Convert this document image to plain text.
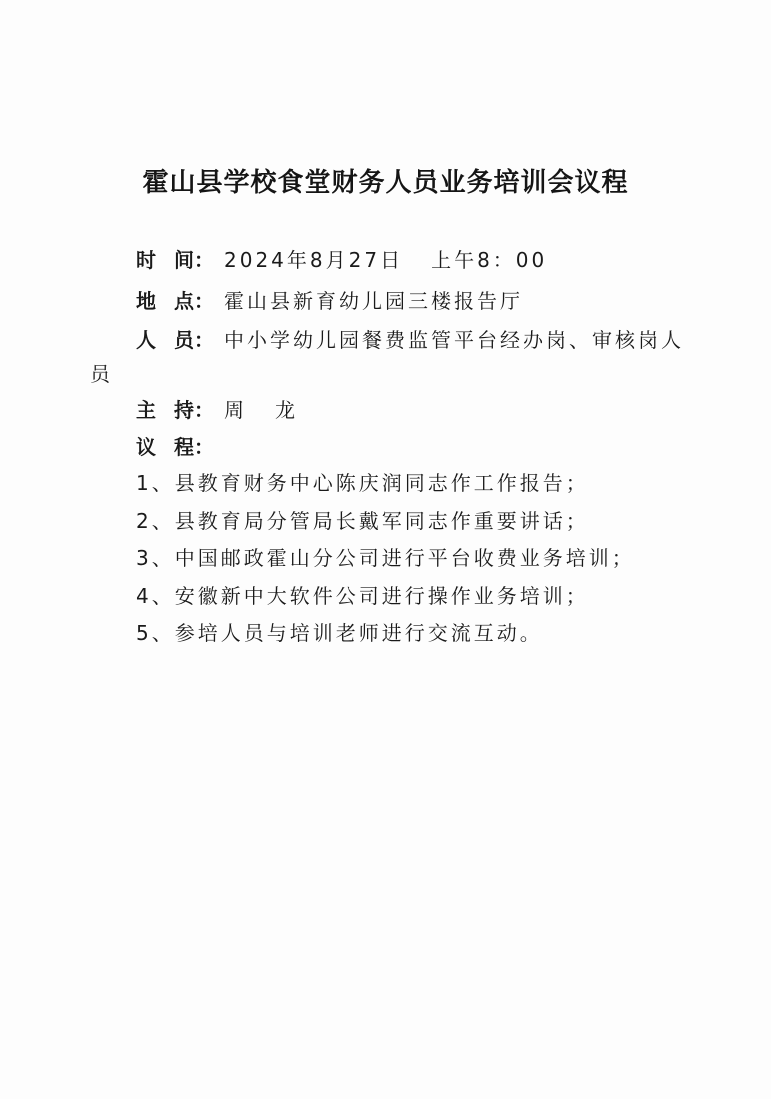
霍山县学校食堂财务人员业务培训会议程
时 间： 2024年8月27日 上午8：00
地 点： 霍山县新育幼儿园三楼报告厅
人 员： 中小学幼儿园餐费监管平台经办岗、审核岗人
员
主 持： 周 龙
议 程：
1、县教育财务中心陈庆润同志作工作报告；
2、县教育局分管局长戴军同志作重要讲话；
3、中国邮政霍山分公司进行平台收费业务培训；
4、安徽新中大软件公司进行操作业务培训；
5、参培人员与培训老师进行交流互动。
